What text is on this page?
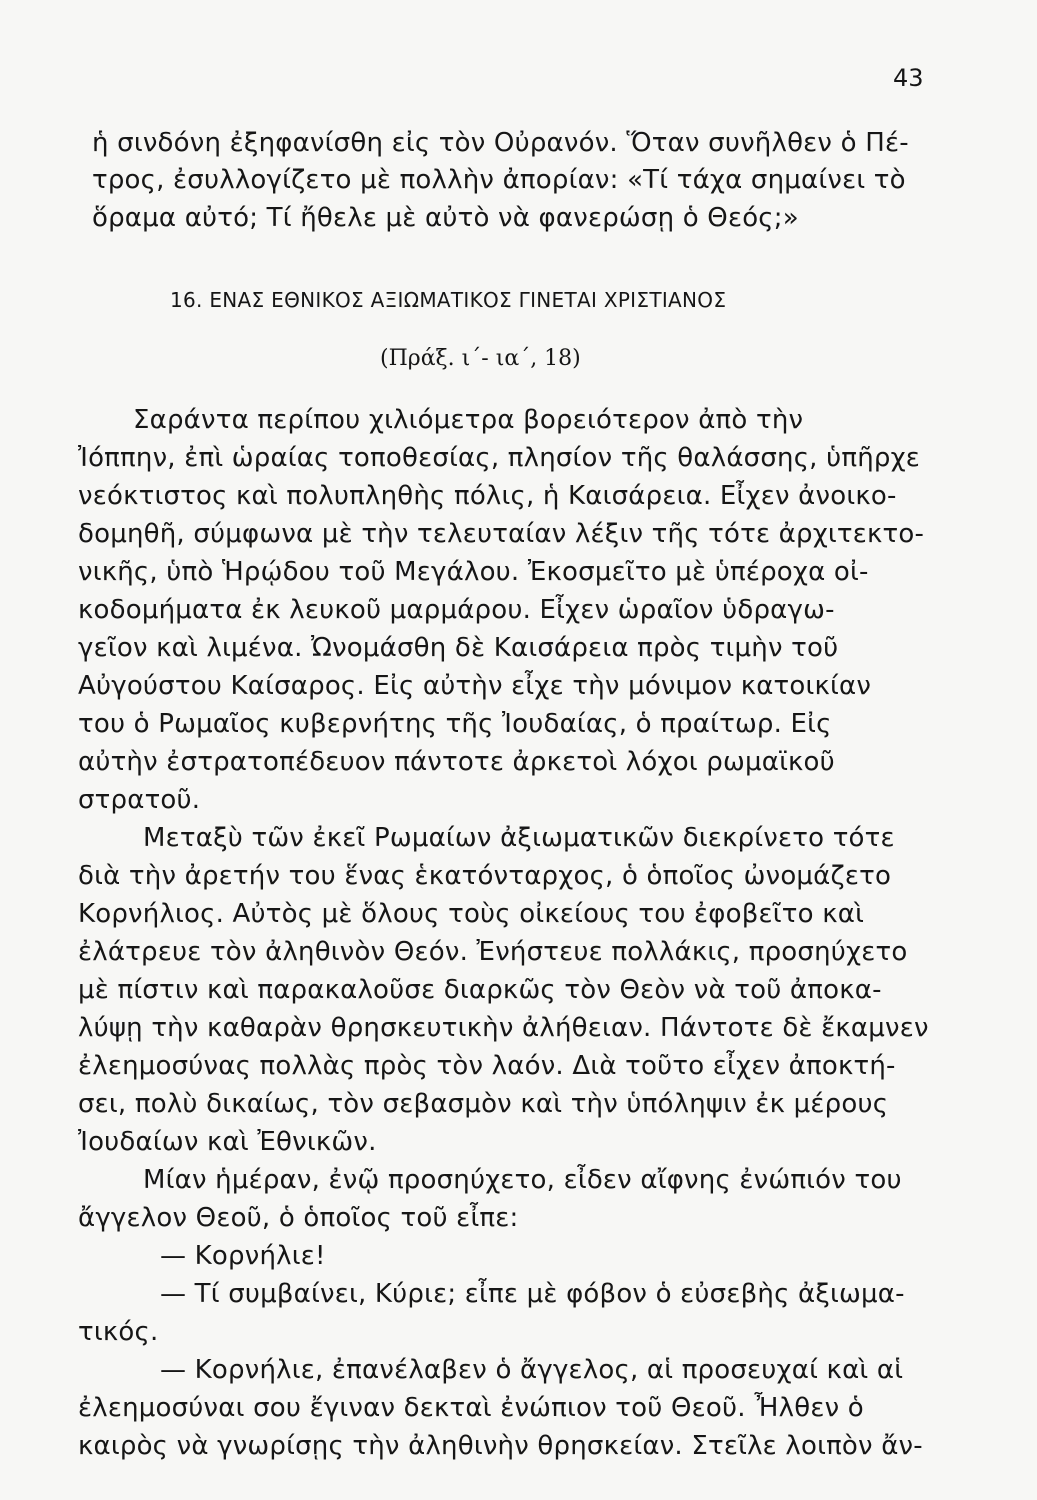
43
ἡ σινδόνη ἐξηφανίσθη εἰς τὸν Οὐρανόν. Ὅταν συνῆλθεν ὁ Πέ-
τρος, ἐσυλλογίζετο μὲ πολλὴν ἀπορίαν: «Τί τάχα σημαίνει τὸ
ὅραμα αὐτό; Τί ἤθελε μὲ αὐτὸ νὰ φανερώσῃ ὁ Θεός;»
16. ΕΝΑΣ ΕΘΝΙΚΟΣ ΑΞΙΩΜΑΤΙΚΟΣ ΓΙΝΕΤΑΙ ΧΡΙΣΤΙΑΝΟΣ
(Πράξ. ι΄- ια΄, 18)
Σαράντα περίπου χιλιόμετρα βορειότερον ἀπὸ τὴν
Ἰόππην, ἐπὶ ὡραίας τοποθεσίας, πλησίον τῆς θαλάσσης, ὑπῆρχε
νεόκτιστος καὶ πολυπληθὴς πόλις, ἡ Καισάρεια. Εἶχεν ἀνοικο-
δομηθῆ, σύμφωνα μὲ τὴν τελευταίαν λέξιν τῆς τότε ἀρχιτεκτο-
νικῆς, ὑπὸ Ἡρῴδου τοῦ Μεγάλου. Ἐκοσμεῖτο μὲ ὑπέροχα οἰ-
κοδομήματα ἐκ λευκοῦ μαρμάρου. Εἶχεν ὡραῖον ὑδραγω-
γεῖον καὶ λιμένα. Ὠνομάσθη δὲ Καισάρεια πρὸς τιμὴν τοῦ
Αὐγούστου Καίσαρος. Εἰς αὐτὴν εἶχε τὴν μόνιμον κατοικίαν
του ὁ Ρωμαῖος κυβερνήτης τῆς Ἰουδαίας, ὁ πραίτωρ. Εἰς
αὐτὴν ἐστρατοπέδευον πάντοτε ἀρκετοὶ λόχοι ρωμαϊκοῦ
στρατοῦ.
Μεταξὺ τῶν ἐκεῖ Ρωμαίων ἀξιωματικῶν διεκρίνετο τότε
διὰ τὴν ἀρετήν του ἕνας ἑκατόνταρχος, ὁ ὁποῖος ὠνομάζετο
Κορνήλιος. Αὐτὸς μὲ ὅλους τοὺς οἰκείους του ἐφοβεῖτο καὶ
ἐλάτρευε τὸν ἀληθινὸν Θεόν. Ἐνήστευε πολλάκις, προσηύχετο
μὲ πίστιν καὶ παρακαλοῦσε διαρκῶς τὸν Θεὸν νὰ τοῦ ἀποκα-
λύψῃ τὴν καθαρὰν θρησκευτικὴν ἀλήθειαν. Πάντοτε δὲ ἔκαμνεν
ἐλεημοσύνας πολλὰς πρὸς τὸν λαόν. Διὰ τοῦτο εἶχεν ἀποκτή-
σει, πολὺ δικαίως, τὸν σεβασμὸν καὶ τὴν ὑπόληψιν ἐκ μέρους
Ἰουδαίων καὶ Ἐθνικῶν.
Μίαν ἡμέραν, ἐνῷ προσηύχετο, εἶδεν αἴφνης ἐνώπιόν του
ἄγγελον Θεοῦ, ὁ ὁποῖος τοῦ εἶπε:
— Κορνήλιε!
— Τί συμβαίνει, Κύριε; εἶπε μὲ φόβον ὁ εὐσεβὴς ἀξιωμα-
τικός.
— Κορνήλιε, ἐπανέλαβεν ὁ ἄγγελος, αἱ προσευχαί καὶ αἱ
ἐλεημοσύναι σου ἔγιναν δεκταὶ ἐνώπιον τοῦ Θεοῦ. Ἦλθεν ὁ
καιρὸς νὰ γνωρίσῃς τὴν ἀληθινὴν θρησκείαν. Στεῖλε λοιπὸν ἄν-
